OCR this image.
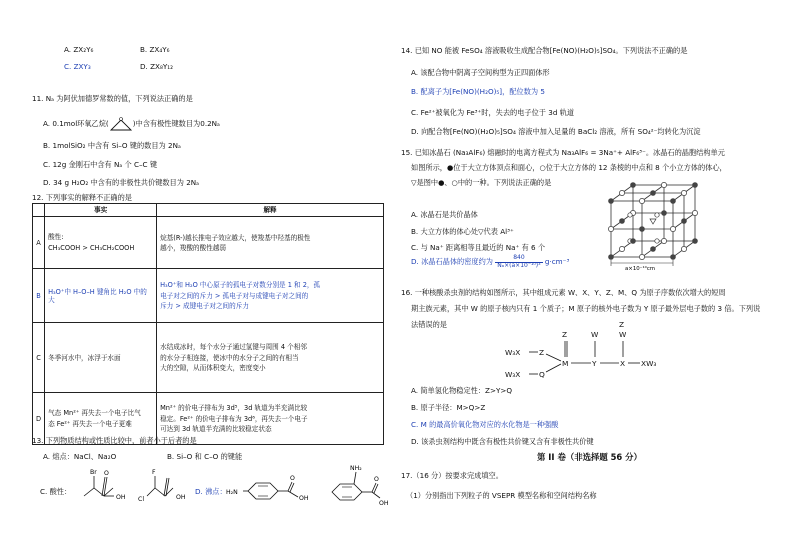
A. ZX₂Y₆	B. ZX₄Y₆
C. ZXY₃	D. ZX₈Y₁₂
11. Nₐ 为阿伏加德罗常数的值，下列说法正确的是
A. 0.1mol环氧乙烷(	)中含有极性键数目为0.2Nₐ
B. 1molSiO₂ 中含有 Si–O 键的数目为 2Nₐ
C. 12g 金刚石中含有 Nₐ 个 C–C 键
D. 34 g H₂O₂ 中含有的非极性共价键数目为 2Nₐ
12. 下列事实的解释不正确的是
	事实	解释
A	酸性:
CH₃COOH > CH₃CH₂COOH	烷基(R-)越长推电子效应越大，使羧基中羟基的极性
越小，羧酸的酸性越弱
B	H₃O⁺中 H–O–H 键角比 H₂O 中的大	H₃O⁺和 H₂O 中心原子的孤电子对数分别是 1 和 2，孤
电子对之间的斥力 > 孤电子对与成键电子对之间的
斥力 > 成键电子对之间的斥力
C	冬季河水中，冰浮于水面	水结成冰时，每个水分子通过氢键与周围 4 个相邻
的水分子相连接，使冰中的水分子之间的有相当
大的空隙，从而体积变大，密度变小
D	气态 Mn²⁺ 再失去一个电子比气
态 Fe²⁺ 再失去一个电子更难	Mn²⁺ 的价电子排布为 3d⁵，3d 轨道为半充满比较
稳定。Fe²⁺ 的价电子排布为 3d⁶，再失去一个电子
可达到 3d 轨道半充满的比较稳定状态
13. 下列物质结构或性质比较中，前者小于后者的是
A. 熔点：NaCl、Na₂O	B. Si–O 和 C–O 的键能
C. 酸性：	D. 沸点：
Br
OH
O	F
Cl	OH
H₂N
O
OH
NH₂
O
OH
14. 已知 NO 能被 FeSO₄ 溶液吸收生成配合物[Fe(NO)(H₂O)₅]SO₄。下列说法不正确的是
A. 该配合物中阴离子空间构型为正四面体形
B. 配离子为[Fe(NO)(H₂O)₅]，配位数为 5
C. Fe²⁺被氧化为 Fe³⁺时，失去的电子位于 3d 轨道
D. 向配合物[Fe(NO)(H₂O)₅]SO₄ 溶液中加入足量的 BaCl₂ 溶液，所有 SO₄²⁻均转化为沉淀
15. 已知冰晶石 (Na₃AlF₆) 熔融时的电离方程式为 Na₃AlF₆ = 3Na⁺+ AlF₆³⁻。冰晶石的晶胞结构单元
如图所示，●位于大立方体顶点和面心，○位于大立方体的 12 条棱的中点和 8 个小立方体的体心，
▽是图中●、○中的一种。下列说法正确的是
A. 冰晶石是共价晶体
B. 大立方体的体心处▽代表 Al³⁺
C. 与 Na⁺ 距离相等且最近的 Na⁺ 有 6 个
D. 冰晶石晶体的密度约为 $\frac{840}{\text{Nₐ×(a×10⁻¹⁰)³}} g\cdot cm^{-3}$
a×10⁻¹⁰cm
16. 一种核酸杀虫剂的结构如图所示，其中组成元素 W、X、Y、Z、M、Q 为原子序数依次增大的短周
期主族元素，其中 W 的原子核内只有 1 个质子；M 原子的核外电子数为 Y 原子最外层电子数的 3 倍。下列说
法错误的是
W₃X	Z
W₃X	Q
M	Y	X XW₃
Z	W	W
Z
A. 简单氢化物稳定性：Z>Y>Q
B. 原子半径：M>Q>Z
C. M 的最高价氧化物对应的水化物是一种强酸
D. 该杀虫剂结构中既含有极性共价键又含有非极性共价键
第 II 卷（非选择题 56 分）
17.（16 分）按要求完成填空。
（1）分别指出下列粒子的 VSEPR 模型名称和空间结构名称
